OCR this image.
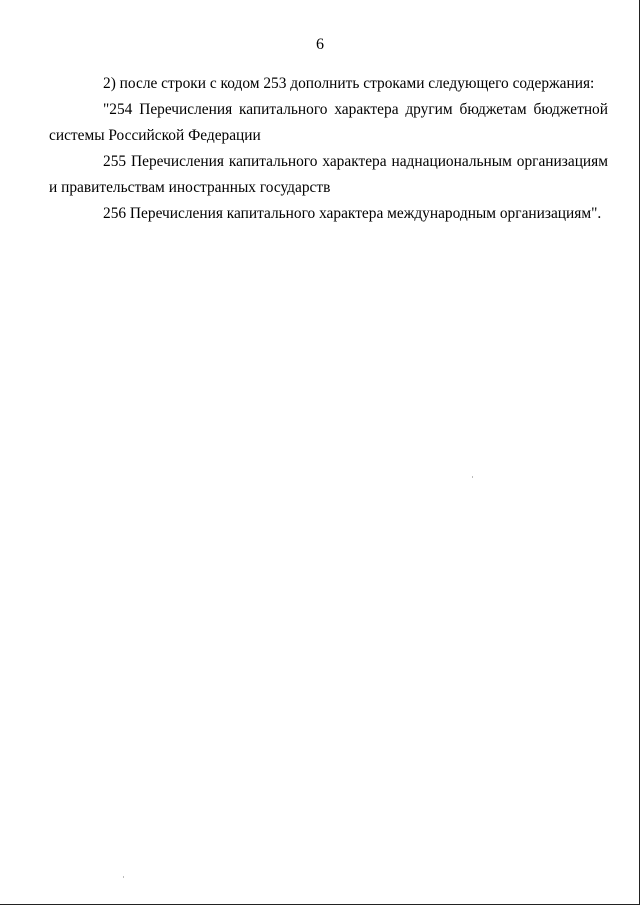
6

2) после строки с кодом 253 дополнить строками следующего содержания:

"254 Перечисления капитального характера другим бюджетам бюджетной системы Российской Федерации

255 Перечисления капитального характера наднациональным организациям и правительствам иностранных государств

256 Перечисления капитального характера международным организациям".
